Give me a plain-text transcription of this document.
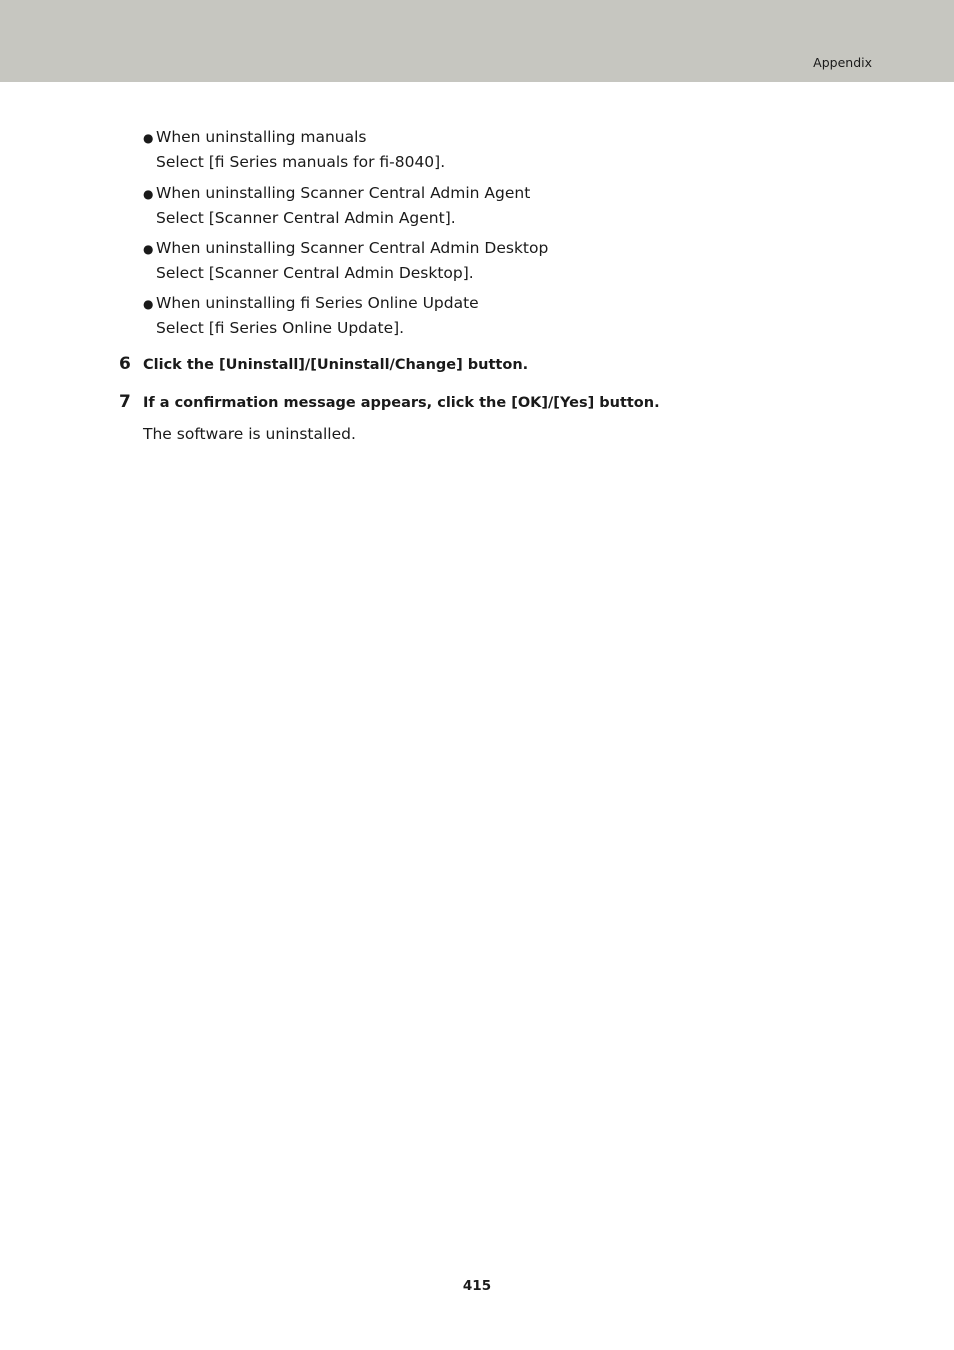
Appendix
● When uninstalling manuals
Select [fi Series manuals for fi-8040].
● When uninstalling Scanner Central Admin Agent
Select [Scanner Central Admin Agent].
● When uninstalling Scanner Central Admin Desktop
Select [Scanner Central Admin Desktop].
● When uninstalling fi Series Online Update
Select [fi Series Online Update].
6 Click the [Uninstall]/[Uninstall/Change] button.
7 If a confirmation message appears, click the [OK]/[Yes] button.
The software is uninstalled.
415
